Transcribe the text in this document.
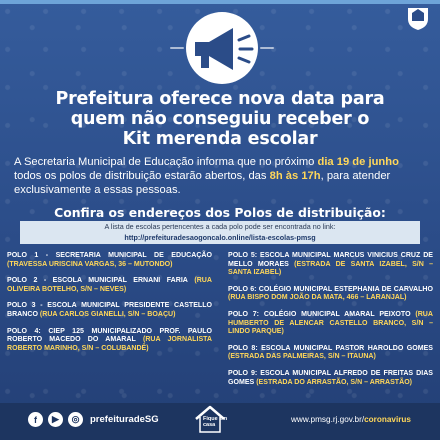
Prefeitura oferece nova data para
quem não conseguiu receber o
Kit merenda escolar

A Secretaria Municipal de Educação informa que no próximo dia 19 de junho todos os polos de distribuição estarão abertos, das 8h às 17h, para atender exclusivamente a essas pessoas.

Confira os endereços dos Polos de distribuição:
A lista de escolas pertencentes a cada polo pode ser encontrada no link:
http://prefeituradesaogoncalo.online/lista-escolas-pmsg

POLO 1 - SECRETARIA MUNICIPAL DE EDUCAÇÃO (TRAVESSA URISCINA VARGAS, 36 – MUTONDO)

POLO 2 - ESCOLA MUNICIPAL ERNANI FARIA (RUA OLIVEIRA BOTELHO, S/N – NEVES)

POLO 3 - ESCOLA MUNICIPAL PRESIDENTE CASTELLO BRANCO (RUA CARLOS GIANELLI, S/N – BOAÇU)

POLO 4: CIEP 125 MUNICIPALIZADO PROF. PAULO ROBERTO MACEDO DO AMARAL (RUA JORNALISTA ROBERTO MARINHO, S/N – COLUBANDÊ)

POLO 5: ESCOLA MUNICIPAL MARCUS VINICIUS CRUZ DE MELLO MORAES (ESTRADA DE SANTA IZABEL, S/N – SANTA IZABEL)

POLO 6: COLÉGIO MUNICIPAL ESTEPHANIA DE CARVALHO (RUA BISPO DOM JOÃO DA MATA, 466 – LARANJAL)

POLO 7: COLÉGIO MUNICIPAL AMARAL PEIXOTO (RUA HUMBERTO DE ALENCAR CASTELLO BRANCO, S/N – LINDO PARQUE)

POLO 8: ESCOLA MUNICIPAL PASTOR HAROLDO GOMES (ESTRADA DAS PALMEIRAS, S/N – ITAUNA)

POLO 9: ESCOLA MUNICIPAL ALFREDO DE FREITAS DIAS GOMES (ESTRADA DO ARRASTÃO, S/N – ARRASTÃO)

f	▶	◎	prefeituradeSG	Fique em casa
www.pmsg.rj.gov.br/coronavirus
